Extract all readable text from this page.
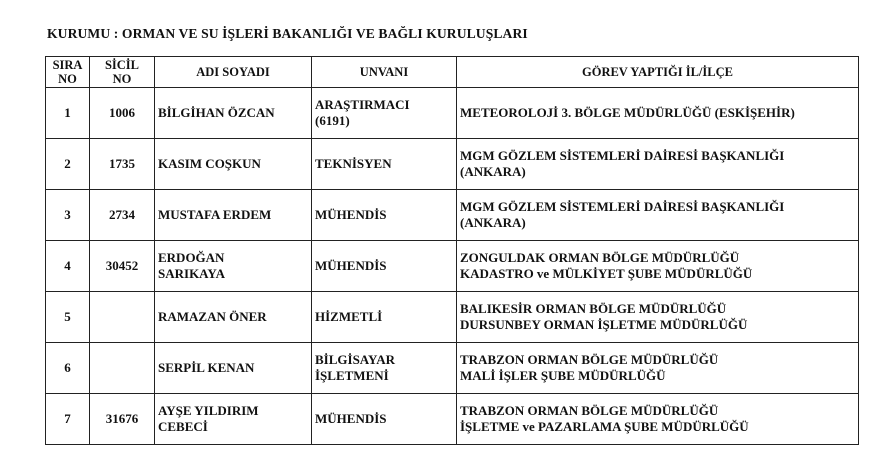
KURUMU : ORMAN VE SU İŞLERİ BAKANLIĞI VE BAĞLI KURULUŞLARI
SIRA
NO	SİCİL
NO	ADI SOYADI	UNVANI	GÖREV YAPTIĞI İL/İLÇE
1	1006	BİLGİHAN ÖZCAN	ARAŞTIRMACI
(6191)	METEOROLOJİ 3. BÖLGE MÜDÜRLÜĞÜ (ESKİŞEHİR)

2	1735	KASIM COŞKUN	TEKNİSYEN	MGM GÖZLEM SİSTEMLERİ DAİRESİ BAŞKANLIĞI
(ANKARA)

3	2734	MUSTAFA ERDEM	MÜHENDİS	MGM GÖZLEM SİSTEMLERİ DAİRESİ BAŞKANLIĞI
(ANKARA)

4	30452	ERDOĞAN
SARIKAYA	MÜHENDİS	ZONGULDAK ORMAN BÖLGE MÜDÜRLÜĞÜ
KADASTRO ve MÜLKİYET ŞUBE MÜDÜRLÜĞÜ

5		RAMAZAN ÖNER	HİZMETLİ	BALIKESİR ORMAN BÖLGE MÜDÜRLÜĞÜ
DURSUNBEY ORMAN İŞLETME MÜDÜRLÜĞÜ

6		SERPİL KENAN	BİLGİSAYAR
İŞLETMENİ	TRABZON ORMAN BÖLGE MÜDÜRLÜĞÜ
MALİ İŞLER ŞUBE MÜDÜRLÜĞÜ

7	31676	AYŞE YILDIRIM
CEBECİ	MÜHENDİS	TRABZON ORMAN BÖLGE MÜDÜRLÜĞÜ
İŞLETME ve PAZARLAMA ŞUBE MÜDÜRLÜĞÜ
